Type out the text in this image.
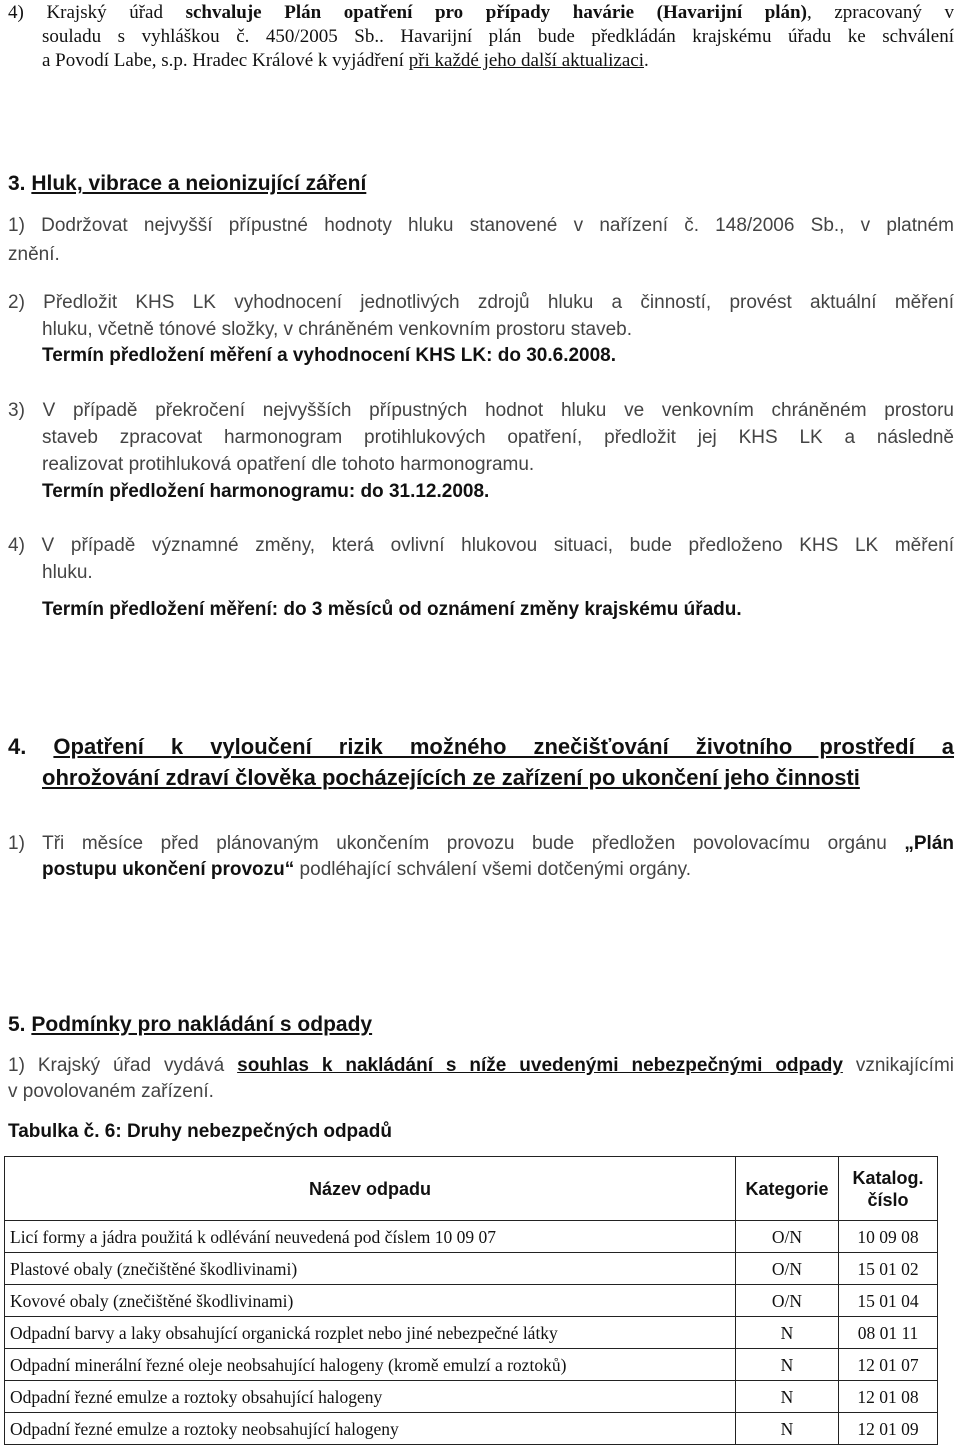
4) Krajský úřad schvaluje Plán opatření pro případy havárie (Havarijní plán), zpracovaný v
souladu s vyhláškou č. 450/2005 Sb.. Havarijní plán bude předkládán krajskému úřadu ke schválení
a Povodí Labe, s.p. Hradec Králové k vyjádření při každé jeho další aktualizaci.
3. Hluk, vibrace a neionizující záření
1) Dodržovat nejvyšší přípustné hodnoty hluku stanovené v nařízení č. 148/2006 Sb., v platném
znění.
2) Předložit KHS LK vyhodnocení jednotlivých zdrojů hluku a činností, provést aktuální měření
hluku, včetně tónové složky, v chráněném venkovním prostoru staveb.
Termín předložení měření a vyhodnocení KHS LK: do 30.6.2008.
3) V případě překročení nejvyšších přípustných hodnot hluku ve venkovním chráněném prostoru
staveb zpracovat harmonogram protihlukových opatření, předložit jej KHS LK a následně
realizovat protihluková opatření dle tohoto harmonogramu.
Termín předložení harmonogramu: do 31.12.2008.
4) V případě významné změny, která ovlivní hlukovou situaci, bude předloženo KHS LK měření
hluku.
Termín předložení měření: do 3 měsíců od oznámení změny krajskému úřadu.
4. Opatření k vyloučení rizik možného znečišťování životního prostředí a
ohrožování zdraví člověka pocházejících ze zařízení po ukončení jeho činnosti
1) Tři měsíce před plánovaným ukončením provozu bude předložen povolovacímu orgánu „Plán
postupu ukončení provozu“ podléhající schválení všemi dotčenými orgány.
5. Podmínky pro nakládání s odpady
1) Krajský úřad vydává souhlas k nakládání s níže uvedenými nebezpečnými odpady vznikajícími
v povolovaném zařízení.
Tabulka č. 6: Druhy nebezpečných odpadů
Název odpadu	Kategorie	Katalog.
číslo
Licí formy a jádra použitá k odlévání neuvedená pod číslem 10 09 07	O/N	10 09 08
Plastové obaly (znečištěné škodlivinami)	O/N	15 01 02
Kovové obaly (znečištěné škodlivinami)	O/N	15 01 04
Odpadní barvy a laky obsahující organická rozplet nebo jiné nebezpečné látky	N	08 01 11
Odpadní minerální řezné oleje neobsahující halogeny (kromě emulzí a roztoků)	N	12 01 07
Odpadní řezné emulze a roztoky obsahující halogeny	N	12 01 08
Odpadní řezné emulze a roztoky neobsahující halogeny	N	12 01 09
